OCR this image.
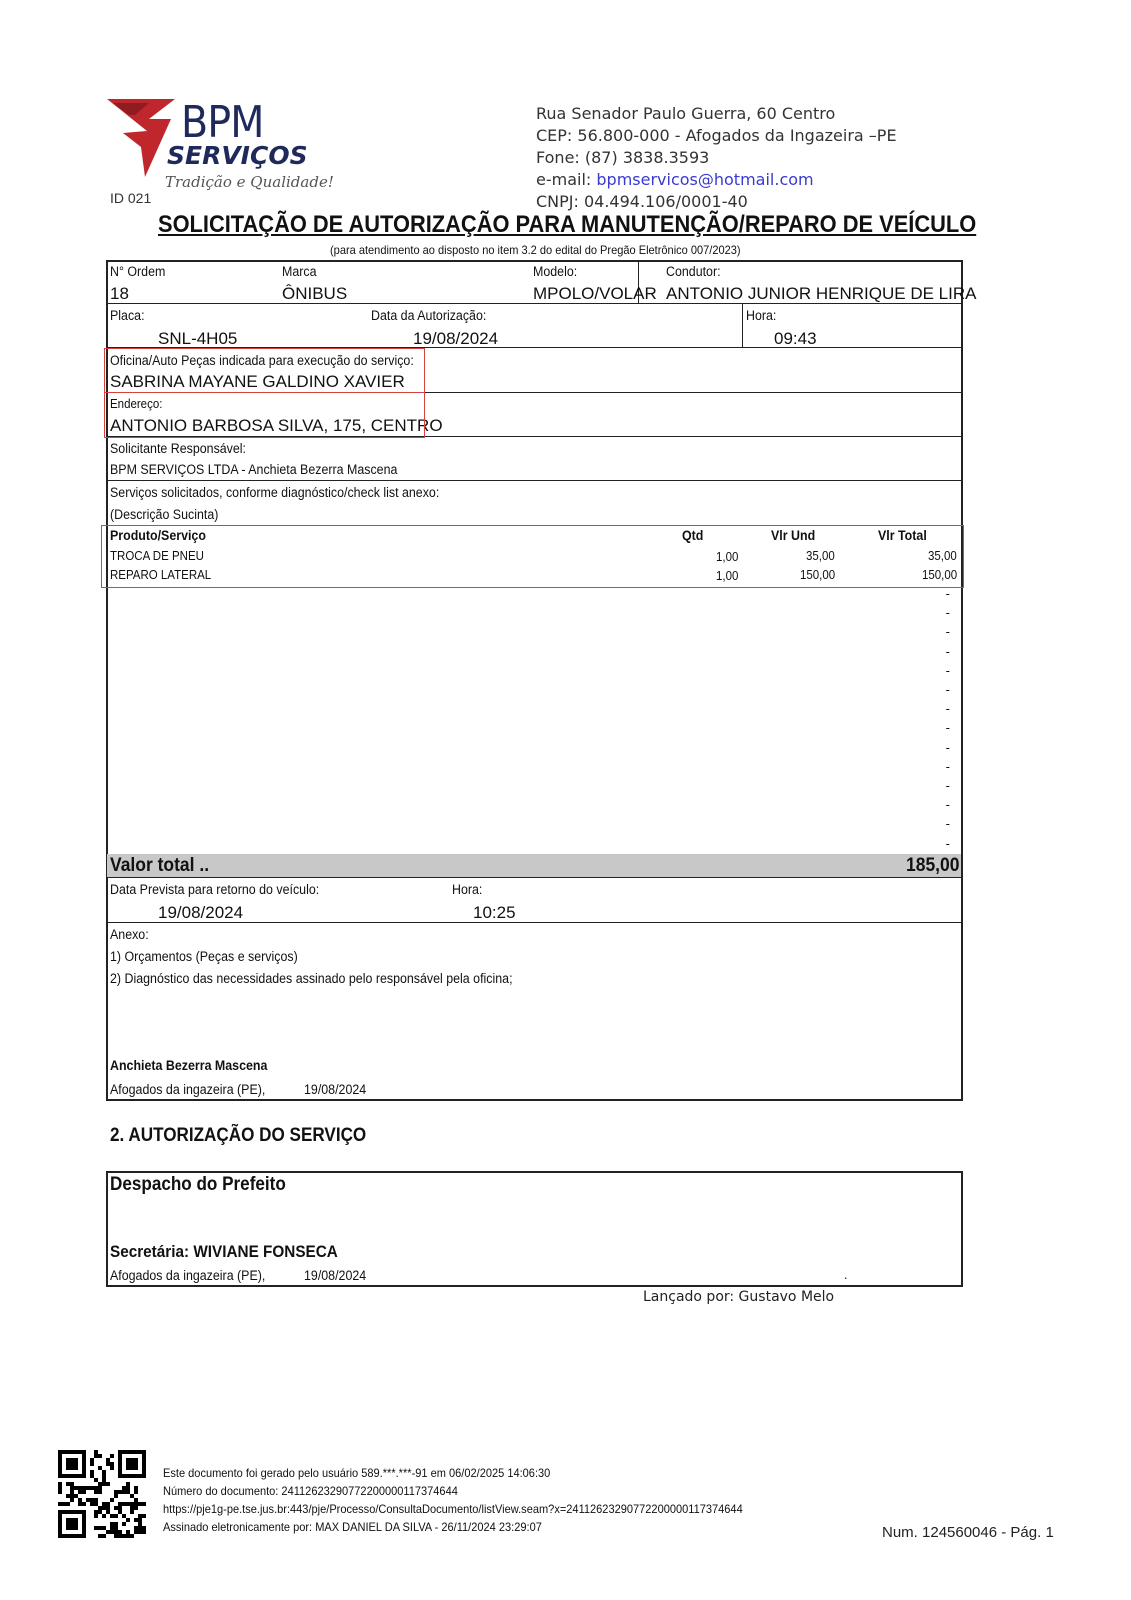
BPM
SERVIÇOS
Tradição e Qualidade!
ID 021
Rua Senador Paulo Guerra, 60 Centro
CEP: 56.800-000 - Afogados da Ingazeira –PE
Fone: (87) 3838.3593
e-mail: bpmservicos@hotmail.com
CNPJ: 04.494.106/0001-40
SOLICITAÇÃO DE AUTORIZAÇÃO PARA MANUTENÇÃO/REPARO DE VEÍCULO
(para atendimento ao disposto no item 3.2 do edital do Pregão Eletrônico 007/2023)
N° Ordem
18
Marca
ÔNIBUS
Modelo:
MPOLO/VOLAR
Condutor:
ANTONIO JUNIOR HENRIQUE DE LIRA
Placa:
SNL-4H05
Data da Autorização:
19/08/2024
Hora:
09:43
Oficina/Auto Peças indicada para execução do serviço:
SABRINA MAYANE GALDINO XAVIER
Endereço:
ANTONIO BARBOSA SILVA, 175, CENTRO
Solicitante Responsável:
BPM SERVIÇOS LTDA - Anchieta Bezerra Mascena
Serviços solicitados, conforme diagnóstico/check list anexo:
(Descrição Sucinta)
Produto/Serviço	Qtd	Vlr Und	Vlr Total
TROCA DE PNEU	1,00	35,00	35,00
REPARO LATERAL	1,00	150,00	150,00
-
-
-
-
-
-
-
-
-
-
-
-
-
-
Valor total ..	185,00
Data Prevista para retorno do veículo:
19/08/2024
Hora:
10:25
Anexo:
1) Orçamentos (Peças e serviços)
2) Diagnóstico das necessidades assinado pelo responsável pela oficina;
Anchieta Bezerra Mascena
Afogados da ingazeira (PE),	19/08/2024
2. AUTORIZAÇÃO DO SERVIÇO
Despacho do Prefeito
Secretária: WIVIANE FONSECA
Afogados da ingazeira (PE),	19/08/2024	.
Lançado por: Gustavo Melo
Este documento foi gerado pelo usuário 589.***.***-91 em 06/02/2025 14:06:30
Número do documento: 24112623290772200000117374644
https://pje1g-pe.tse.jus.br:443/pje/Processo/ConsultaDocumento/listView.seam?x=24112623290772200000117374644
Assinado eletronicamente por: MAX DANIEL DA SILVA - 26/11/2024 23:29:07	Num. 124560046 - Pág. 1
